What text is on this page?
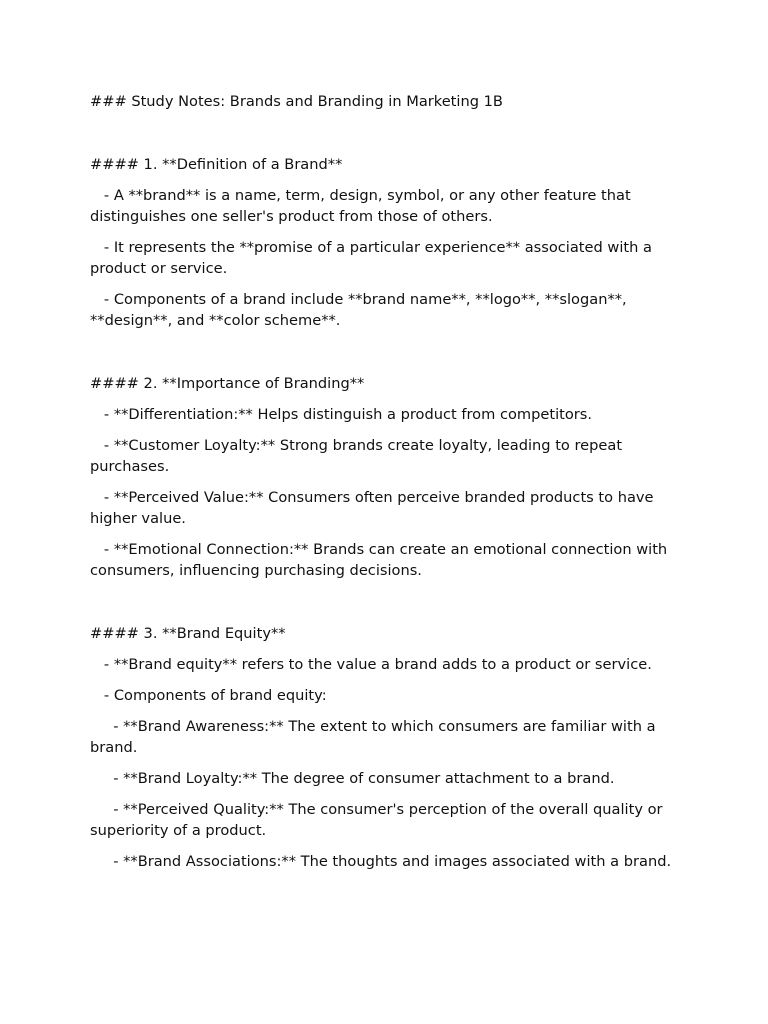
### Study Notes: Brands and Branding in Marketing 1B

#### 1. **Definition of a Brand**

- A **brand** is a name, term, design, symbol, or any other feature that distinguishes one seller's product from those of others.

- It represents the **promise of a particular experience** associated with a product or service.

- Components of a brand include **brand name**, **logo**, **slogan**, **design**, and **color scheme**.

#### 2. **Importance of Branding**

- **Differentiation:** Helps distinguish a product from competitors.

- **Customer Loyalty:** Strong brands create loyalty, leading to repeat purchases.

- **Perceived Value:** Consumers often perceive branded products to have higher value.

- **Emotional Connection:** Brands can create an emotional connection with consumers, influencing purchasing decisions.

#### 3. **Brand Equity**

- **Brand equity** refers to the value a brand adds to a product or service.

- Components of brand equity:

- **Brand Awareness:** The extent to which consumers are familiar with a brand.

- **Brand Loyalty:** The degree of consumer attachment to a brand.

- **Perceived Quality:** The consumer's perception of the overall quality or superiority of a product.

- **Brand Associations:** The thoughts and images associated with a brand.
